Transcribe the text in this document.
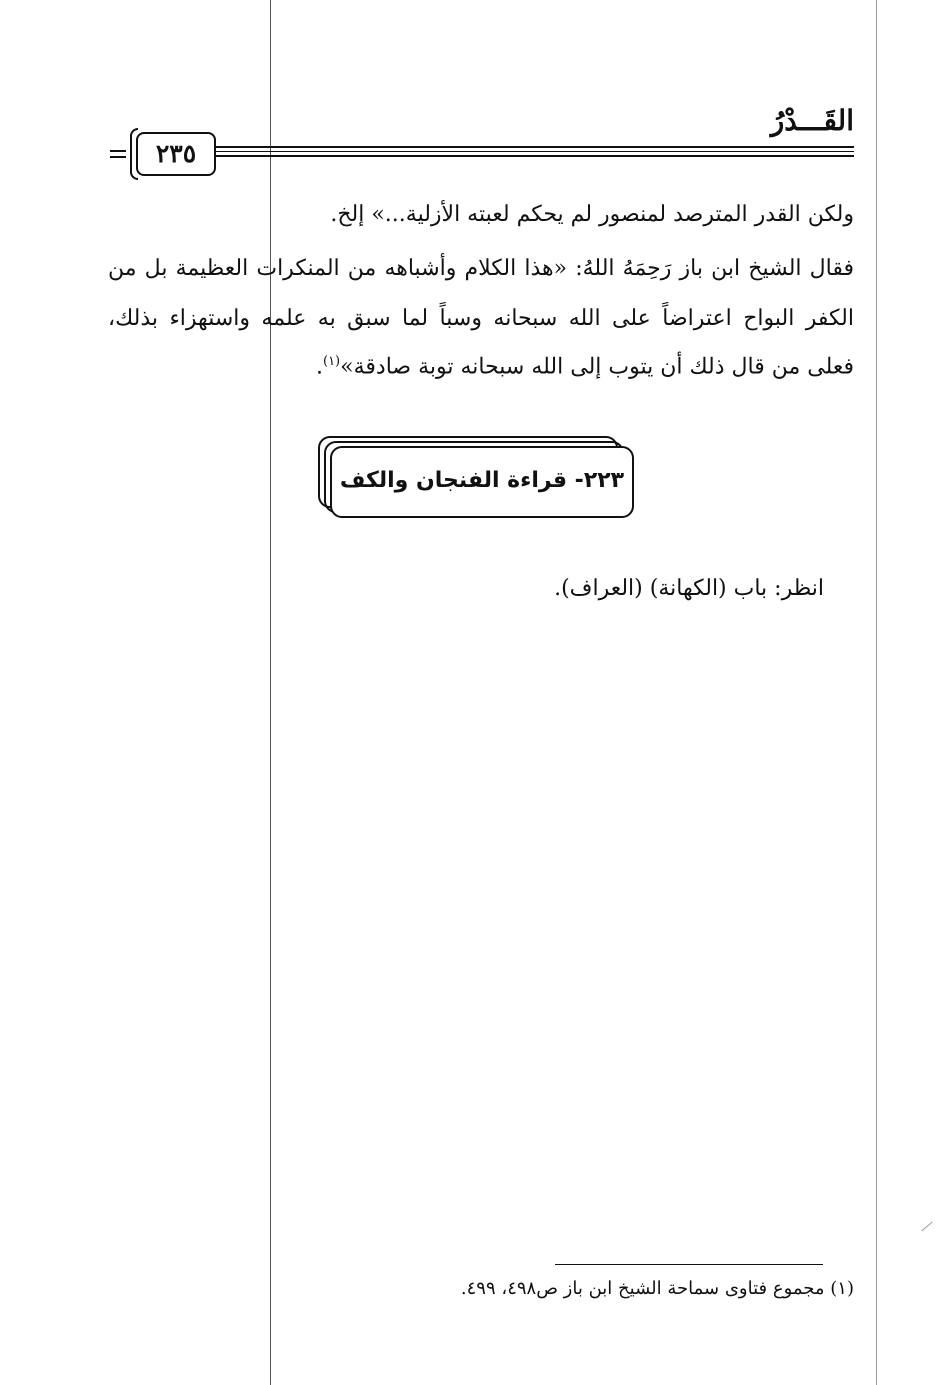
القَـــدْرُ
٢٣٥
ولكن القدر المترصد لمنصور لم يحكم لعبته الأزلية...» إلخ.
فقال الشيخ ابن باز رَحِمَهُ اللهُ: «هذا الكلام وأشباهه من المنكرات العظيمة بل من
الكفر البواح اعتراضاً على الله سبحانه وسباً لما سبق به علمه واستهزاء بذلك،
فعلى من قال ذلك أن يتوب إلى الله سبحانه توبة صادقة»$^{(١)}$.
٢٢٣- قراءة الفنجان والكف
انظر: باب (الكهانة) (العراف).
(١) مجموع فتاوى سماحة الشيخ ابن باز ص٤٩٨، ٤٩٩.
